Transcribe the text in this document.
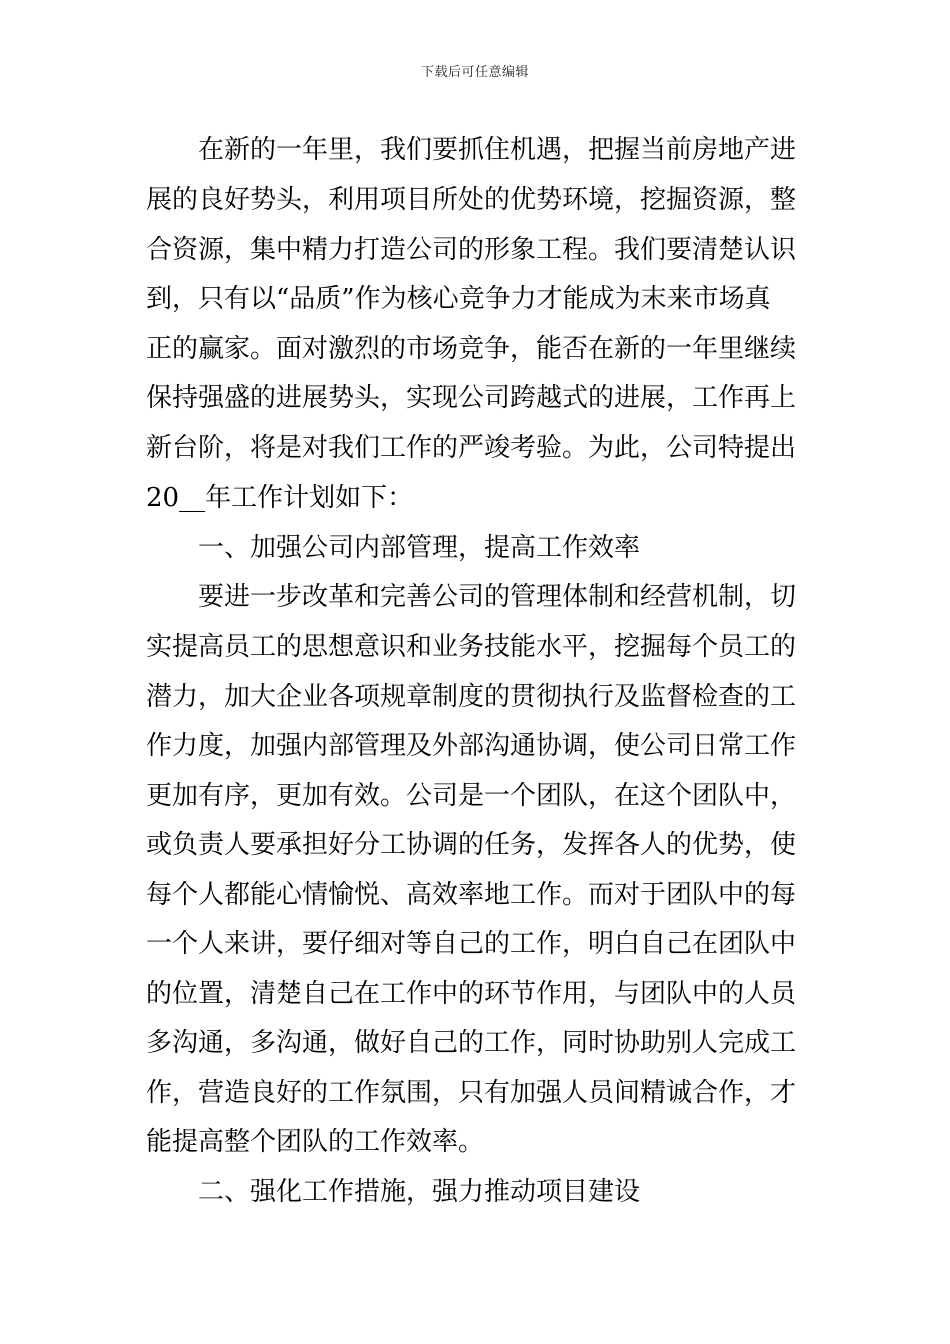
下载后可任意编辑
在新的一年里，我们要抓住机遇，把握当前房地产进
展的良好势头，利用项目所处的优势环境，挖掘资源，整
合资源，集中精力打造公司的形象工程。我们要清楚认识
到，只有以“品质”作为核心竞争力才能成为末来市场真
正的赢家。面对激烈的市场竞争，能否在新的一年里继续
保持强盛的进展势头，实现公司跨越式的进展，工作再上
新台阶，将是对我们工作的严竣考验。为此，公司特提出
20__年工作计划如下：
一、加强公司内部管理，提高工作效率
要进一步改革和完善公司的管理体制和经营机制，切
实提高员工的思想意识和业务技能水平，挖掘每个员工的
潜力，加大企业各项规章制度的贯彻执行及监督检查的工
作力度，加强内部管理及外部沟通协调，使公司日常工作
更加有序，更加有效。公司是一个团队，在这个团队中，
或负责人要承担好分工协调的任务，发挥各人的优势，使
每个人都能心情愉悦、高效率地工作。而对于团队中的每
一个人来讲，要仔细对等自己的工作，明白自己在团队中
的位置，清楚自己在工作中的环节作用，与团队中的人员
多沟通，多沟通，做好自己的工作，同时协助别人完成工
作，营造良好的工作氛围，只有加强人员间精诚合作，才
能提高整个团队的工作效率。
二、强化工作措施，强力推动项目建设
